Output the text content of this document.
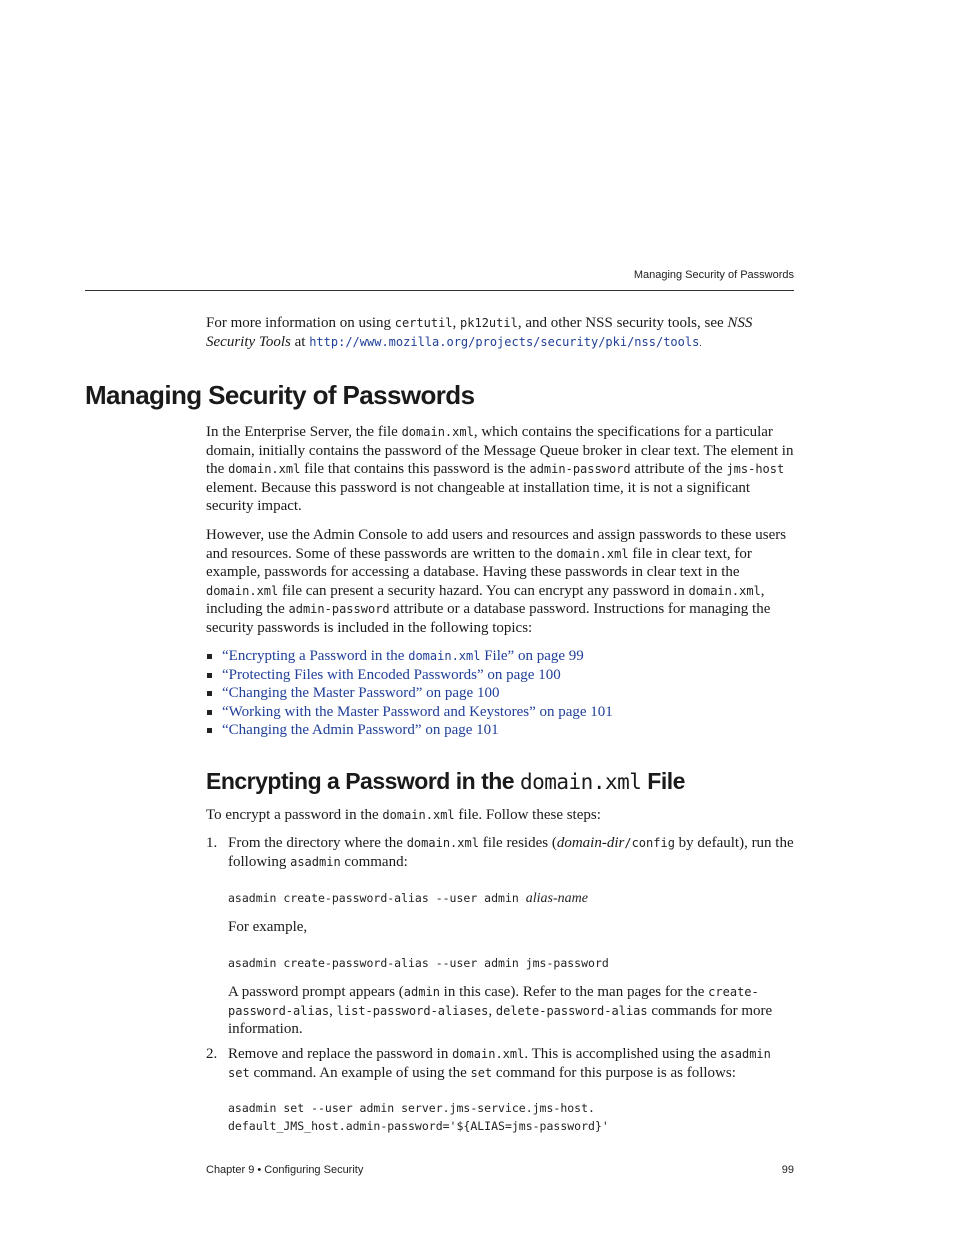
Managing Security of Passwords
For more information on using certutil, pk12util, and other NSS security tools, see NSS Security Tools at http://www.mozilla.org/projects/security/pki/nss/tools.
Managing Security of Passwords
In the Enterprise Server, the file domain.xml, which contains the specifications for a particular domain, initially contains the password of the Message Queue broker in clear text. The element in the domain.xml file that contains this password is the admin-password attribute of the jms-host element. Because this password is not changeable at installation time, it is not a significant security impact.
However, use the Admin Console to add users and resources and assign passwords to these users and resources. Some of these passwords are written to the domain.xml file in clear text, for example, passwords for accessing a database. Having these passwords in clear text in the domain.xml file can present a security hazard. You can encrypt any password in domain.xml, including the admin-password attribute or a database password. Instructions for managing the security passwords is included in the following topics:
“Encrypting a Password in the domain.xml File” on page 99
“Protecting Files with Encoded Passwords” on page 100
“Changing the Master Password” on page 100
“Working with the Master Password and Keystores” on page 101
“Changing the Admin Password” on page 101
Encrypting a Password in the domain.xml File
To encrypt a password in the domain.xml file. Follow these steps:
1. From the directory where the domain.xml file resides (domain-dir/config by default), run the following asadmin command:
asadmin create-password-alias --user admin alias-name
For example,
asadmin create-password-alias --user admin jms-password
A password prompt appears (admin in this case). Refer to the man pages for the create-password-alias, list-password-aliases, delete-password-alias commands for more information.
2. Remove and replace the password in domain.xml. This is accomplished using the asadmin set command. An example of using the set command for this purpose is as follows:
asadmin set --user admin server.jms-service.jms-host.
default_JMS_host.admin-password='${ALIAS=jms-password}'
Chapter 9 • Configuring Security	99
